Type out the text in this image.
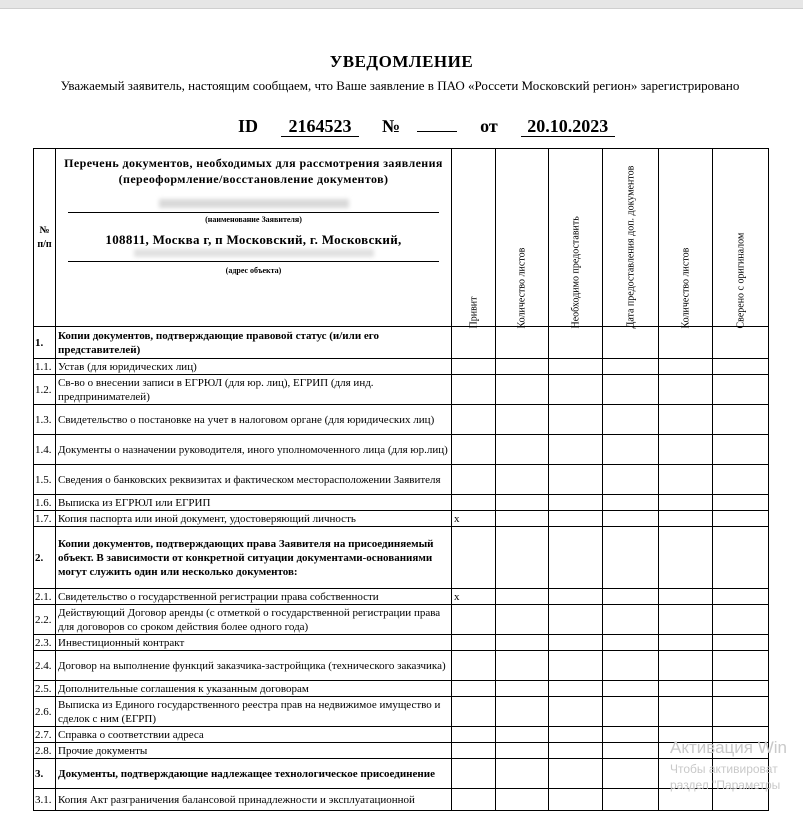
УВЕДОМЛЕНИЕ
Уважаемый заявитель, настоящим сообщаем, что Ваше заявление в ПАО «Россети Московский регион» зарегистрировано
ID 2164523 №	от 20.10.2023
№ п/п	Перечень документов, необходимых для рассмотрения заявления (переоформление/восстановление документов)
(наименование Заявителя)
108811, Москва г, п Московский, г. Московский,
(адрес объекта)	Привит	Количество листов	Необходимо предоставить	Дата предоставления доп. документов	Количество листов	Сверено с оригиналом

1.	Копии документов, подтверждающие правовой статус (и/или его представителей)						
1.1.	Устав (для юридических лиц)						
1.2.	Св-во о внесении записи в ЕГРЮЛ (для юр. лиц), ЕГРИП (для инд. предпринимателей)						
1.3.	Свидетельство о постановке на учет в налоговом органе (для юридических лиц)						
1.4.	Документы о назначении руководителя, иного уполномоченного лица (для юр.лиц)						
1.5.	Сведения о банковских реквизитах и фактическом месторасположении Заявителя						
1.6.	Выписка из ЕГРЮЛ или ЕГРИП						
1.7.	Копия паспорта или иной документ, удостоверяющий личность	x					
2.	Копии документов, подтверждающих права Заявителя на присоединяемый объект. В зависимости от конкретной ситуации документами-основаниями могут служить один или несколько документов:						
2.1.	Свидетельство о государственной регистрации права собственности	x					
2.2.	Действующий Договор аренды (с отметкой о государственной регистрации права для договоров со сроком действия более одного года)						
2.3.	Инвестиционный контракт						
2.4.	Договор на выполнение функций заказчика-застройщика (технического заказчика)						
2.5.	Дополнительные соглашения к указанным договорам						
2.6.	Выписка из Единого государственного реестра прав на недвижимое имущество и сделок с ним (ЕГРП)						
2.7.	Справка о соответствии адреса						
2.8.	Прочие документы						
3.	Документы, подтверждающие надлежащее технологическое присоединение						
3.1.	Копия Акт разграничения балансовой принадлежности и эксплуатационной						
Активация Win
Чтобы активироват
раздел "Параметры
